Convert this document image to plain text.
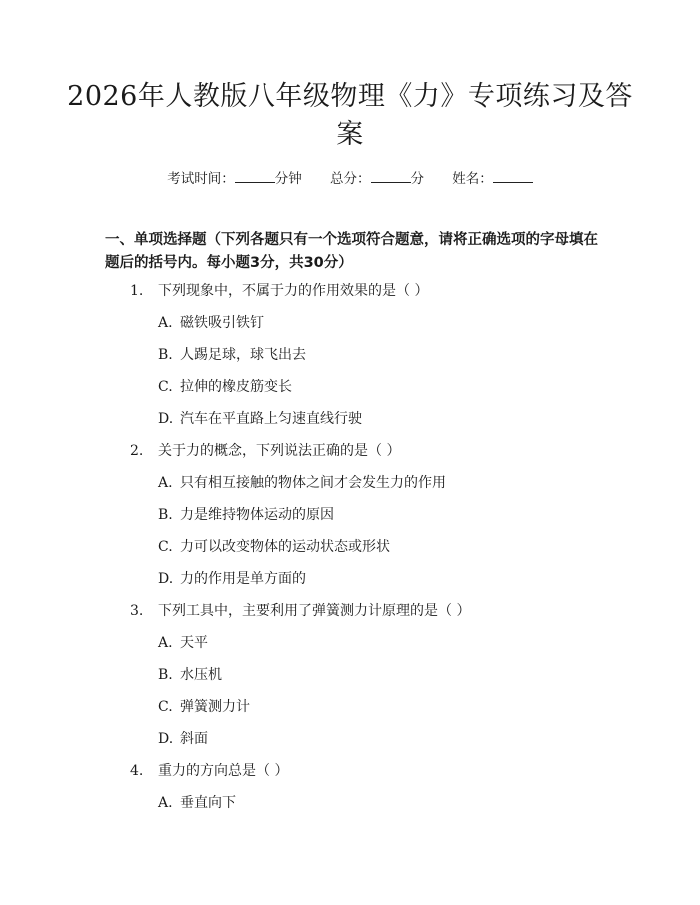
2026年人教版八年级物理《力》专项练习及答案
考试时间：	分钟 总分：	分 姓名：
一、单项选择题（下列各题只有一个选项符合题意，请将正确选项的字母填在题后的括号内。每小题3分，共30分）
1. 下列现象中，不属于力的作用效果的是（ ）
A. 磁铁吸引铁钉
B. 人踢足球，球飞出去
C. 拉伸的橡皮筋变长
D. 汽车在平直路上匀速直线行驶
2. 关于力的概念，下列说法正确的是（ ）
A. 只有相互接触的物体之间才会发生力的作用
B. 力是维持物体运动的原因
C. 力可以改变物体的运动状态或形状
D. 力的作用是单方面的
3. 下列工具中，主要利用了弹簧测力计原理的是（ ）
A. 天平
B. 水压机
C. 弹簧测力计
D. 斜面
4. 重力的方向总是（ ）
A. 垂直向下
